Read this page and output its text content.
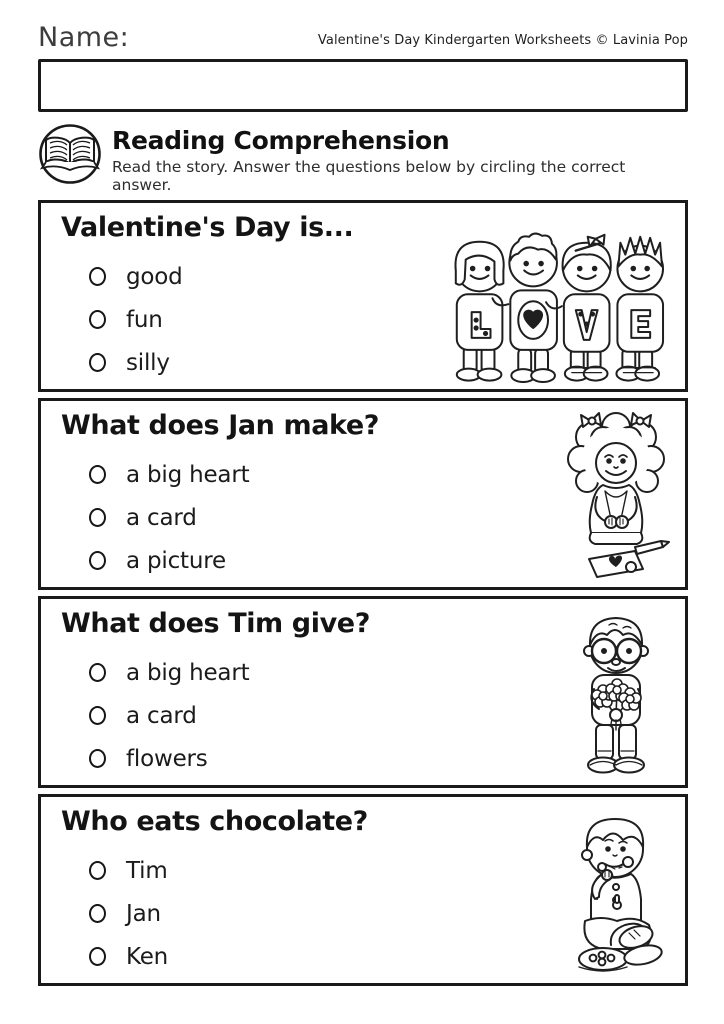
Name:	Valentine's Day Kindergarten Worksheets © Lavinia Pop
Reading Comprehension
Read the story. Answer the questions below by circling the correct answer.
Valentine's Day is...
good
fun
silly
What does Jan make?
a big heart
a card
a picture
What does Tim give?
a big heart
a card
flowers
Who eats chocolate?
Tim
Jan
Ken
